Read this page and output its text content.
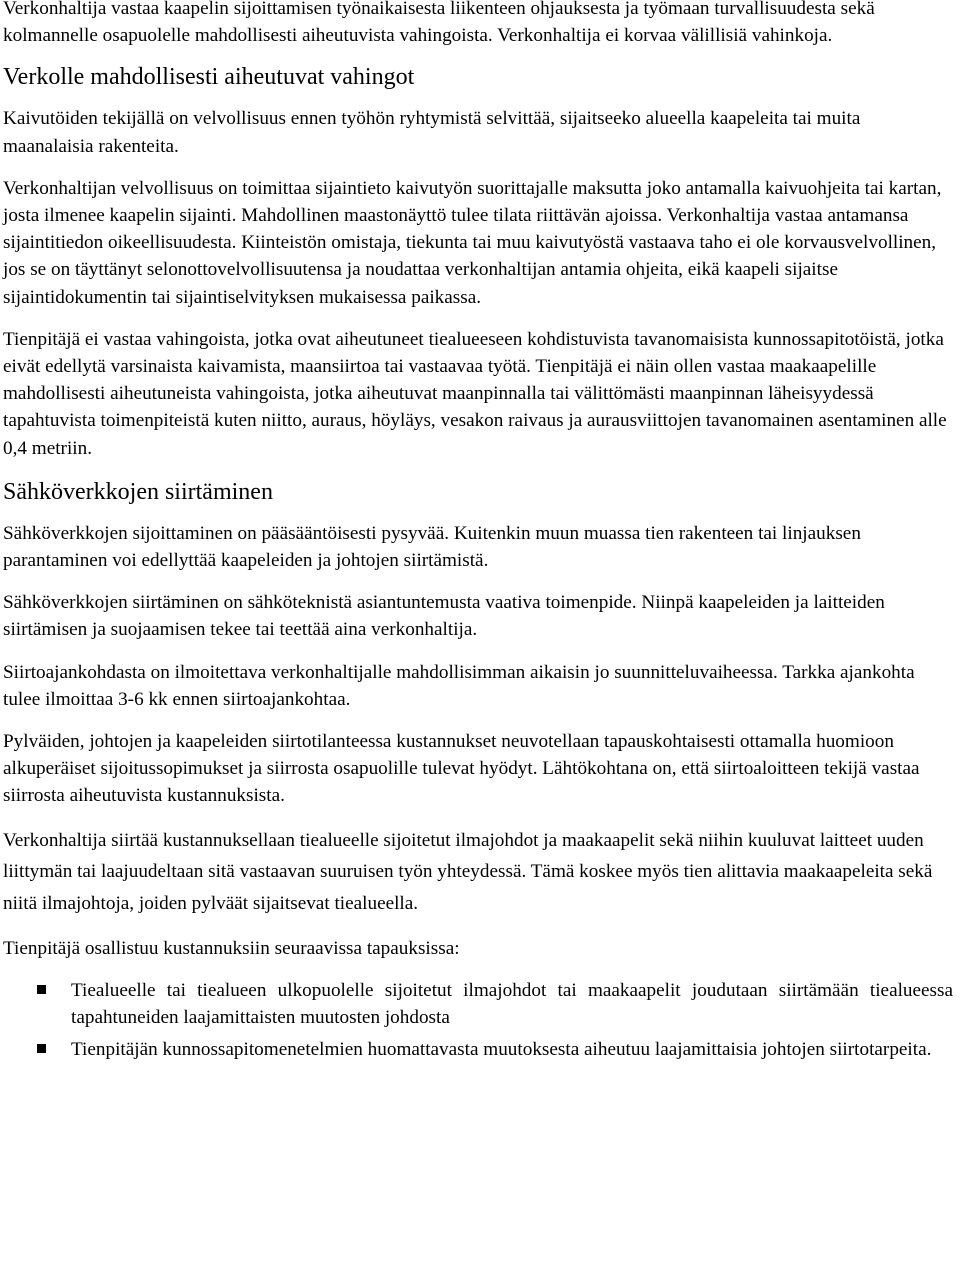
Verkonhaltija vastaa kaapelin sijoittamisen työnaikaisesta liikenteen ohjauksesta ja työmaan turvallisuudesta sekä kolmannelle osapuolelle mahdollisesti aiheutuvista vahingoista. Verkonhaltija ei korvaa välillisiä vahinkoja.

Verkolle mahdollisesti aiheutuvat vahingot

Kaivutöiden tekijällä on velvollisuus ennen työhön ryhtymistä selvittää, sijaitseeko alueella kaapeleita tai muita maanalaisia rakenteita.

Verkonhaltijan velvollisuus on toimittaa sijaintieto kaivutyön suorittajalle maksutta joko antamalla kaivuohjeita tai kartan, josta ilmenee kaapelin sijainti. Mahdollinen maastonäyttö tulee tilata riittävän ajoissa. Verkonhaltija vastaa antamansa sijaintitiedon oikeellisuudesta. Kiinteistön omistaja, tiekunta tai muu kaivutyöstä vastaava taho ei ole korvausvelvollinen, jos se on täyttänyt selonottovelvollisuutensa ja noudattaa verkonhaltijan antamia ohjeita, eikä kaapeli sijaitse sijaintidokumentin tai sijaintiselvityksen mukaisessa paikassa.

Tienpitäjä ei vastaa vahingoista, jotka ovat aiheutuneet tiealueeseen kohdistuvista tavanomaisista kunnossapitotöistä, jotka eivät edellytä varsinaista kaivamista, maansiirtoa tai vastaavaa työtä. Tienpitäjä ei näin ollen vastaa maakaapelille mahdollisesti aiheutuneista vahingoista, jotka aiheutuvat maanpinnalla tai välittömästi maanpinnan läheisyydessä tapahtuvista toimenpiteistä kuten niitto, auraus, höyläys, vesakon raivaus ja aurausviittojen tavanomainen asentaminen alle 0,4 metriin.

Sähköverkkojen siirtäminen

Sähköverkkojen sijoittaminen on pääsääntöisesti pysyvää. Kuitenkin muun muassa tien rakenteen tai linjauksen parantaminen voi edellyttää kaapeleiden ja johtojen siirtämistä.

Sähköverkkojen siirtäminen on sähköteknistä asiantuntemusta vaativa toimenpide. Niinpä kaapeleiden ja laitteiden siirtämisen ja suojaamisen tekee tai teettää aina verkonhaltija.

Siirtoajankohdasta on ilmoitettava verkonhaltijalle mahdollisimman aikaisin jo suunnitteluvaiheessa. Tarkka ajankohta tulee ilmoittaa 3-6 kk ennen siirtoajankohtaa.

Pylväiden, johtojen ja kaapeleiden siirtotilanteessa kustannukset neuvotellaan tapauskohtaisesti ottamalla huomioon alkuperäiset sijoitussopimukset ja siirrosta osapuolille tulevat hyödyt. Lähtökohtana on, että siirtoaloitteen tekijä vastaa siirrosta aiheutuvista kustannuksista.

Verkonhaltija siirtää kustannuksellaan tiealueelle sijoitetut ilmajohdot ja maakaapelit sekä niihin kuuluvat laitteet uuden liittymän tai laajuudeltaan sitä vastaavan suuruisen työn yhteydessä. Tämä koskee myös tien alittavia maakaapeleita sekä niitä ilmajohtoja, joiden pylväät sijaitsevat tiealueella.

Tienpitäjä osallistuu kustannuksiin seuraavissa tapauksissa:

Tiealueelle tai tiealueen ulkopuolelle sijoitetut ilmajohdot tai maakaapelit joudutaan siirtämään tiealueessa tapahtuneiden laajamittaisten muutosten johdosta
Tienpitäjän kunnossapitomenetelmien huomattavasta muutoksesta aiheutuu laajamittaisia johtojen siirtotarpeita.
